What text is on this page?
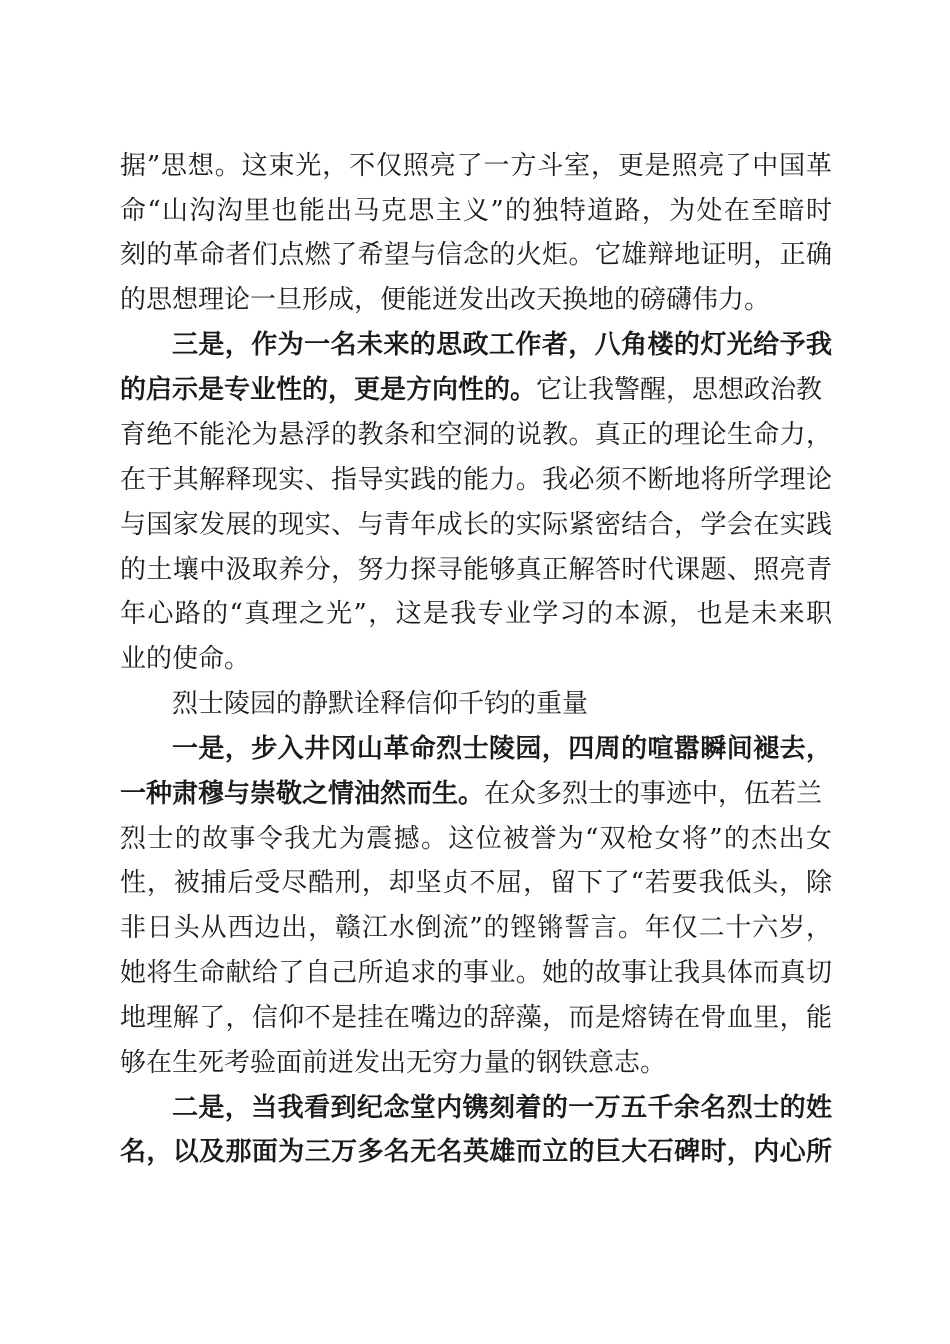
据”思想。这束光，不仅照亮了一方斗室，更是照亮了中国革
命“山沟沟里也能出马克思主义”的独特道路，为处在至暗时
刻的革命者们点燃了希望与信念的火炬。它雄辩地证明，正确
的思想理论一旦形成，便能迸发出改天换地的磅礴伟力。
三是，作为一名未来的思政工作者，八角楼的灯光给予我
的启示是专业性的，更是方向性的。它让我警醒，思想政治教
育绝不能沦为悬浮的教条和空洞的说教。真正的理论生命力，
在于其解释现实、指导实践的能力。我必须不断地将所学理论
与国家发展的现实、与青年成长的实际紧密结合，学会在实践
的土壤中汲取养分，努力探寻能够真正解答时代课题、照亮青
年心路的“真理之光”，这是我专业学习的本源，也是未来职
业的使命。
烈士陵园的静默诠释信仰千钧的重量
一是，步入井冈山革命烈士陵园，四周的喧嚣瞬间褪去，
一种肃穆与崇敬之情油然而生。在众多烈士的事迹中，伍若兰
烈士的故事令我尤为震撼。这位被誉为“双枪女将”的杰出女
性，被捕后受尽酷刑，却坚贞不屈，留下了“若要我低头，除
非日头从西边出，赣江水倒流”的铿锵誓言。年仅二十六岁，
她将生命献给了自己所追求的事业。她的故事让我具体而真切
地理解了，信仰不是挂在嘴边的辞藻，而是熔铸在骨血里，能
够在生死考验面前迸发出无穷力量的钢铁意志。
二是，当我看到纪念堂内镌刻着的一万五千余名烈士的姓
名，以及那面为三万多名无名英雄而立的巨大石碑时，内心所
